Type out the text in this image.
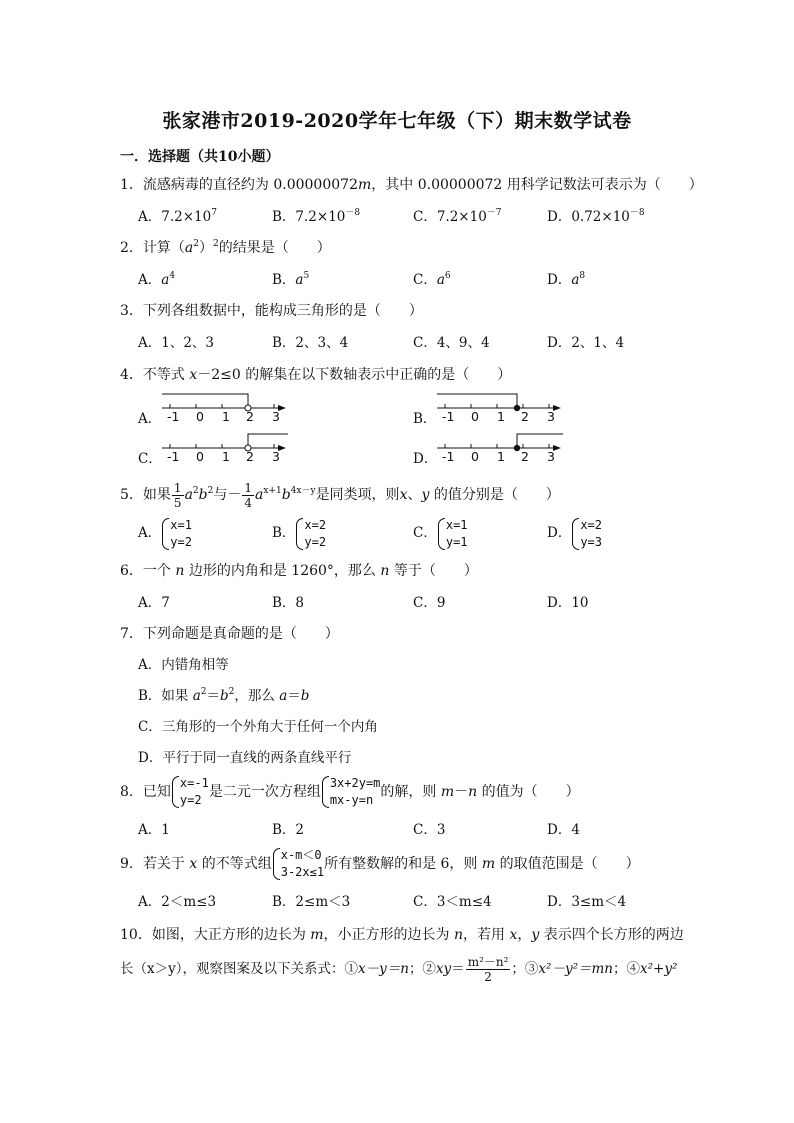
张家港市2019-2020学年七年级（下）期末数学试卷
一．选择题（共10小题）
1．流感病毒的直径约为 0.00000072m，其中 0.00000072 用科学记数法可表示为（　　）
A．$7.2\times 10^7$	B．$7.2\times 10^{-8}$	C．$7.2\times 10^{-7}$	D．$0.72\times 10^{-8}$
2．计算$(a^2)^2$的结果是（　　）
A．$a^4$	B．$a^5$	C．$a^6$	D．$a^8$
3．下列各组数据中，能构成三角形的是（　　）
A．1、2、3	B．2、3、4	C．4、9、4	D．2、1、4
4．不等式 x－2≤0 的解集在以下数轴表示中正确的是（　　）
A． -1 0 1 2 3	B． -1 0 1 2 3
C． -1 0 1 2 3	D． -1 0 1 2 3
5．如果 $\frac{1}{5} a^2b^2$与－ $\frac{1}{4} a^{x+1}b^{4x-y}$是同类项，则x、y 的值分别是（　　）
A．
x=1
y=2
B．
x=2
y=2
C．
x=1
y=1
D．
x=2
y=3
6．一个 n 边形的内角和是 1260°，那么 n 等于（　　）
A．7	B．8	C．9	D．10
7．下列命题是真命题的是（　　）
A．内错角相等
B．如果 $a^2=b^2$，那么 a＝b
C．三角形的一个外角大于任何一个内角
D．平行于同一直线的两条直线平行
8．已知
x=-1
y=2 是二元一次方程组
3x+2y=m
mx-y=n 的解，则 m－n 的值为（　　）
A．1	B．2	C．3	D．4
9．若关于 x 的不等式组
x-m＜0
3-2x≤1 所有整数解的和是 6，则 m 的取值范围是（　　）
A．2＜m≤3	B．2≤m＜3	C．3＜m≤4	D．3≤m＜4
10．如图，大正方形的边长为 m，小正方形的边长为 n，若用 x，y 表示四个长方形的两边
长（x＞y），观察图案及以下关系式：①x－y＝n；②xy＝ $\frac{\text{m²－n²}}{2}$ ；③x²－y²＝mn；④x²+y²
